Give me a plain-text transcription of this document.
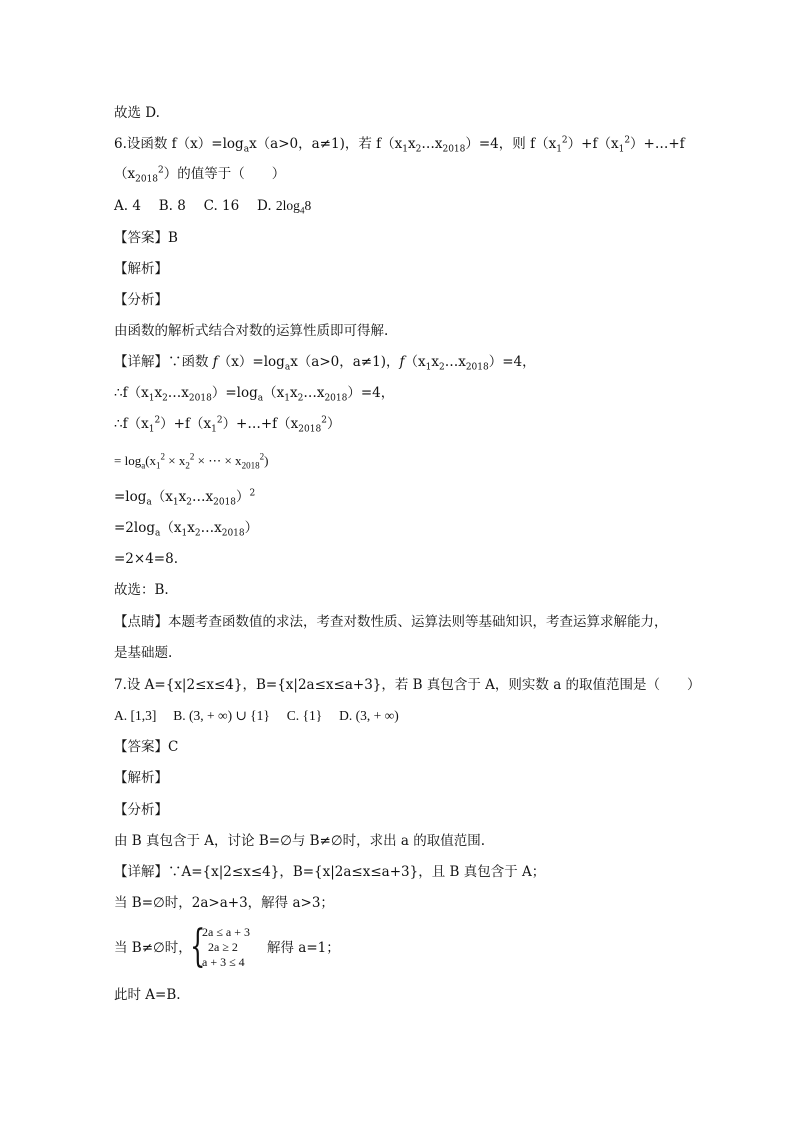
故选 D.
6.设函数 $f(x)=\log_ax(a>0$，a≠1)，若 $f(x_1x_2\dots x_{2018})=4$，则 $f(x_1^2)+f(x_1^2)+\dots+f$
$(x_{2018}^2)$的值等于（　　）
A. 4　 B. 8　 C. 16　 D. $2\log_48$
【答案】B
【解析】
【分析】
由函数的解析式结合对数的运算性质即可得解.
【详解】∵函数 $f(x)=\log_ax(a>0$，a≠1)，$f(x_1x_2\dots x_{2018})=4$，
$\therefore f(x_1x_2\dots x_{2018})=\log_a(x_1x_2\dots x_{2018})=4$，
$\therefore f(x_1^2)+f(x_1^2)+\dots+f(x_{2018}^2)$
= $\log_a(x_1^2 \times x_2^2$ × ⋯ × $x_{2018}^2$)
$=\log_a(x_1x_2\dots x_{2018})^2$
$=2\log_a(x_1x_2\dots x_{2018})$
=2×4=8.
故选：B.
【点睛】本题考查函数值的求法，考查对数性质、运算法则等基础知识，考查运算求解能力，
是基础题.
7.设 A={x|2≤x≤4}，B={x|2a≤x≤a+3}，若 B 真包含于 A，则实数 a 的取值范围是（　　）
A. [1,3]　 B. (3, + ∞) ∪ {1}　 C. {1}　 D. (3, + ∞)
【答案】C
【解析】
【分析】
由 B 真包含于 A，讨论 B=∅与 B≠∅时，求出 a 的取值范围.
【详解】∵A={x|2≤x≤4}，B={x|2a≤x≤a+3}，且 B 真包含于 A；
当 B=∅时，2a>a+3，解得 a>3；
当 B≠∅时，
{
2a ≤ a + 3
2a ≥ 2
a + 3 ≤ 4
解得 a=1；
此时 A=B.
